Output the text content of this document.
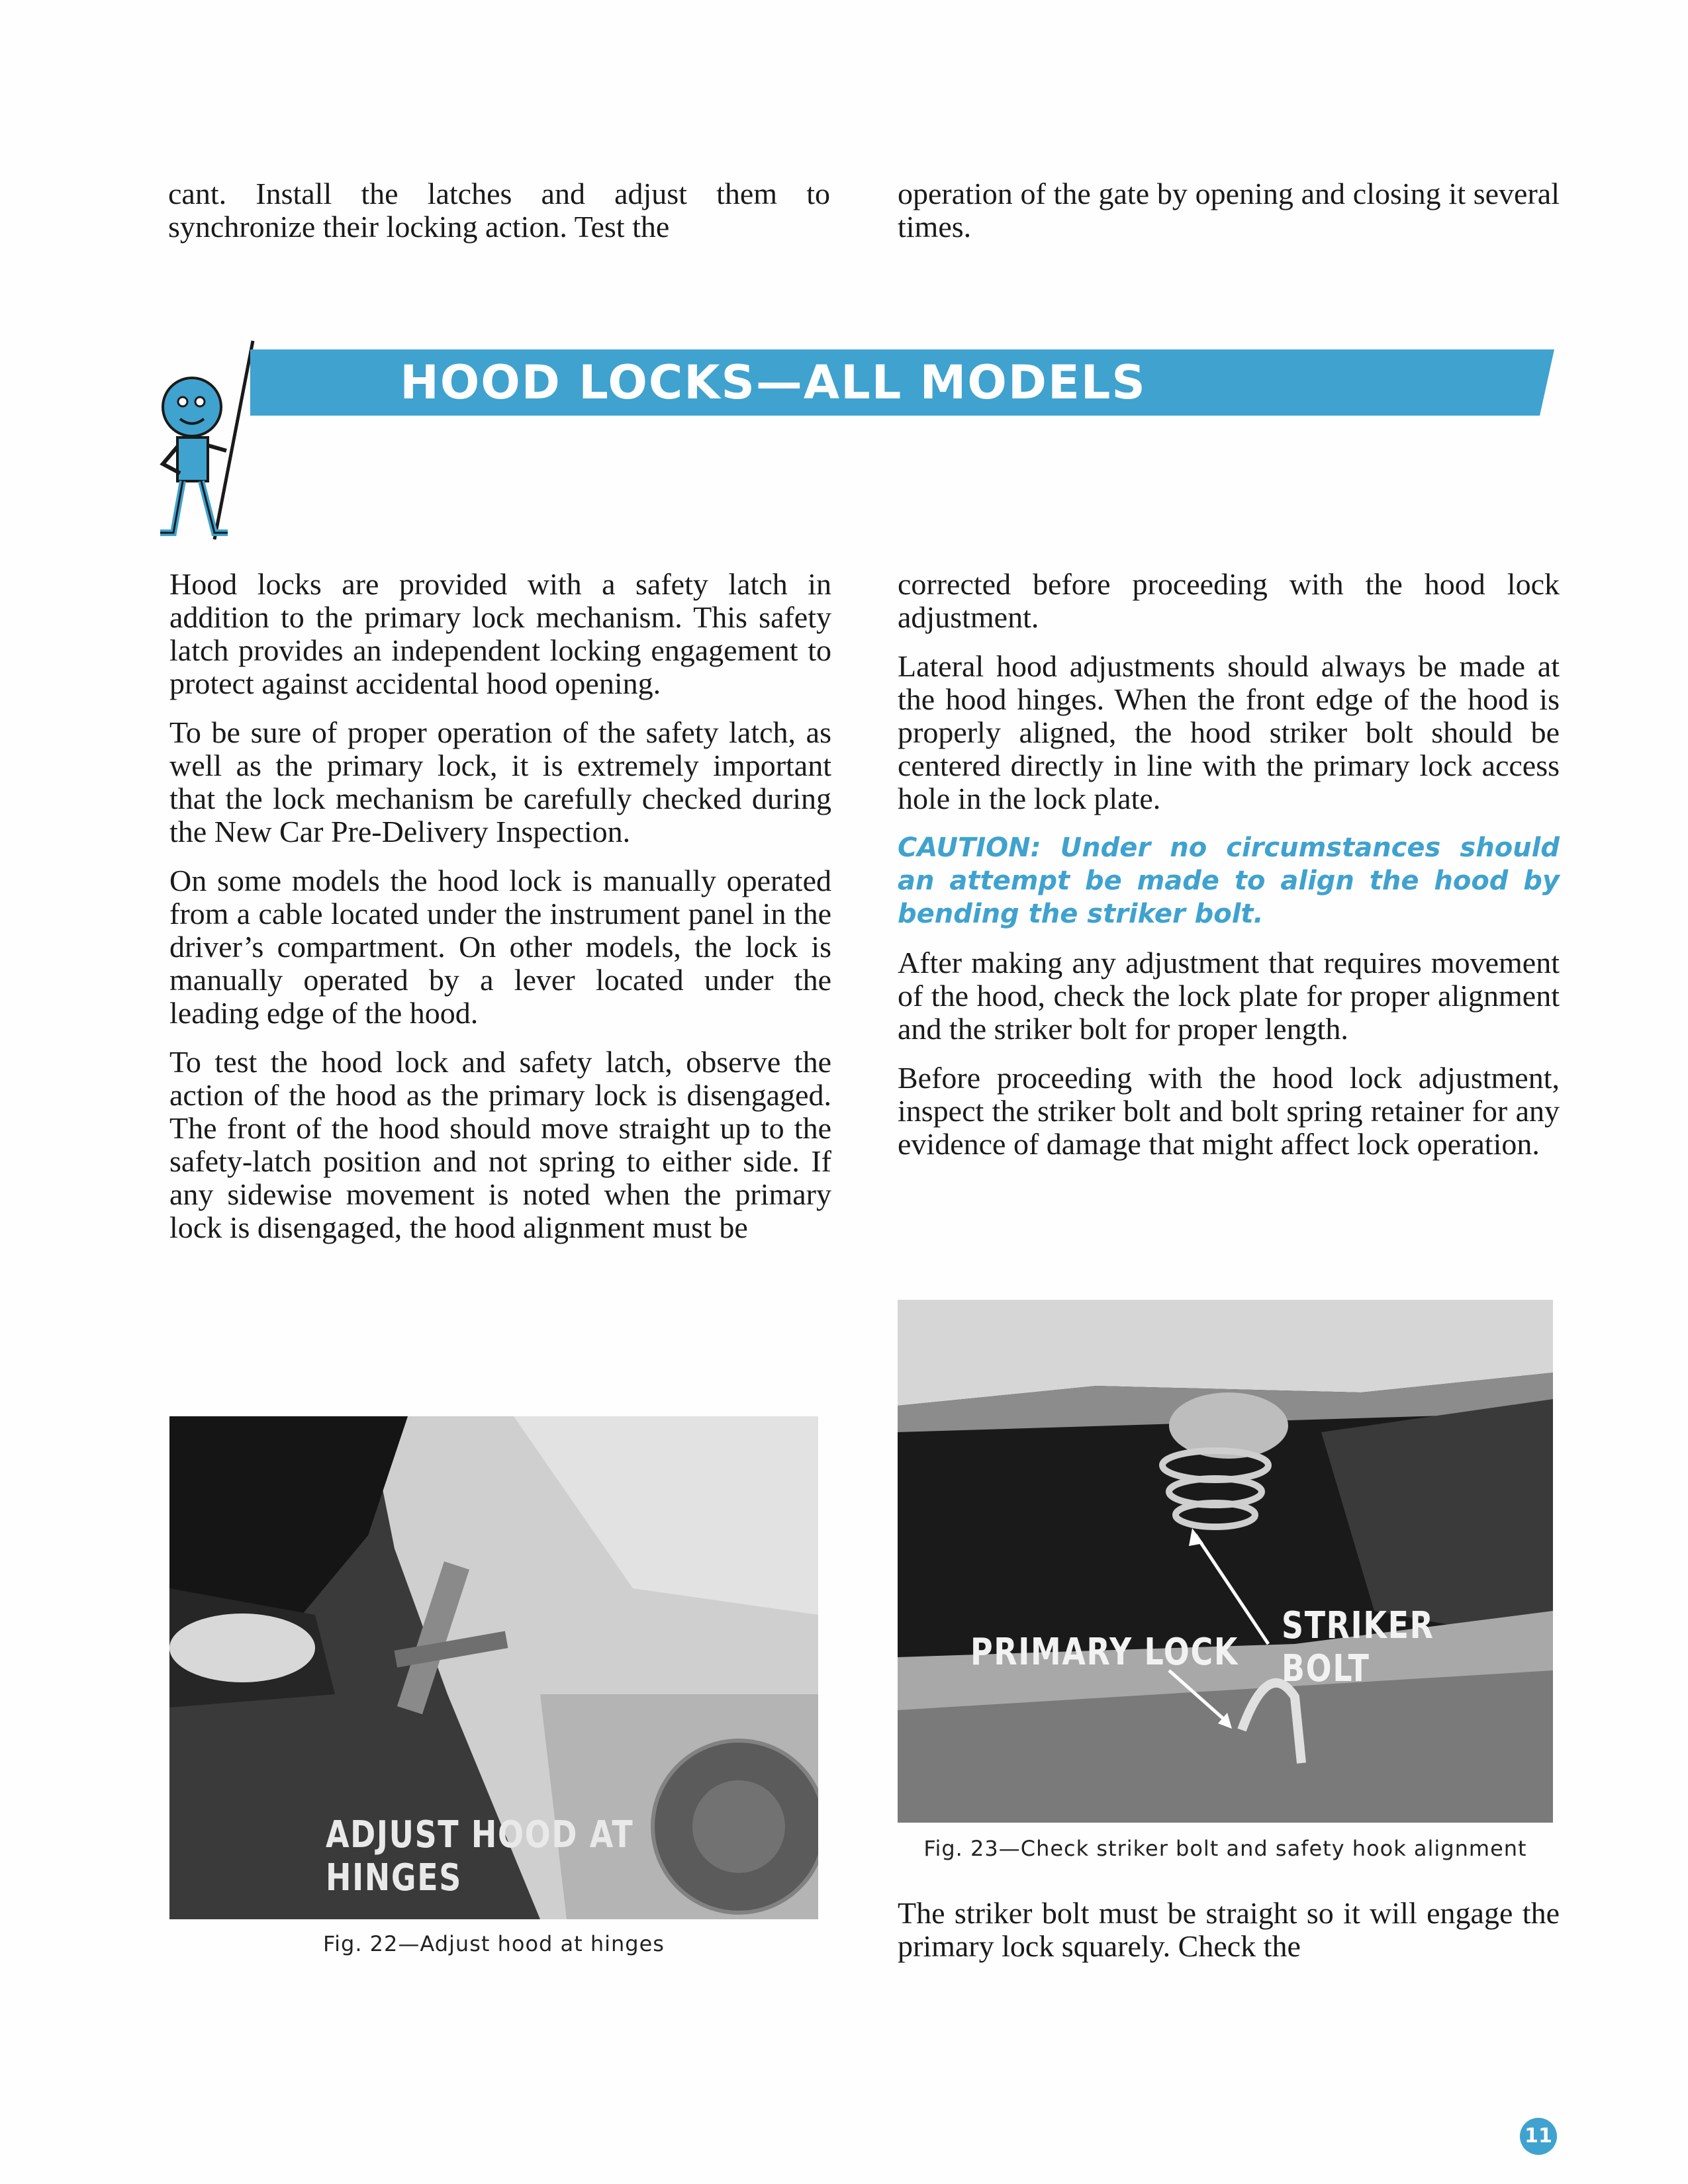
cant. Install the latches and adjust them to synchronize their locking action. Test the

operation of the gate by opening and closing it several times.

HOOD LOCKS—ALL MODELS

Hood locks are provided with a safety latch in addition to the primary lock mechanism. This safety latch provides an independent locking engagement to protect against accidental hood opening.

To be sure of proper operation of the safety latch, as well as the primary lock, it is extremely important that the lock mechanism be carefully checked during the New Car Pre-Delivery Inspection.

On some models the hood lock is manually operated from a cable located under the instrument panel in the driver’s compartment. On other models, the lock is manually operated by a lever located under the leading edge of the hood.

To test the hood lock and safety latch, observe the action of the hood as the primary lock is disengaged. The front of the hood should move straight up to the safety-latch position and not spring to either side. If any sidewise movement is noted when the primary lock is disengaged, the hood alignment must be

corrected before proceeding with the hood lock adjustment.

Lateral hood adjustments should always be made at the hood hinges. When the front edge of the hood is properly aligned, the hood striker bolt should be centered directly in line with the primary lock access hole in the lock plate.

CAUTION: Under no circumstances should an attempt be made to align the hood by bending the striker bolt.

After making any adjustment that requires movement of the hood, check the lock plate for proper alignment and the striker bolt for proper length.

Before proceeding with the hood lock adjustment, inspect the striker bolt and bolt spring retainer for any evidence of damage that might affect lock operation.

ADJUST HOOD AT HINGES
Fig. 22—Adjust hood at hinges
PRIMARY LOCK
STRIKER BOLT
Fig. 23—Check striker bolt and safety hook alignment

The striker bolt must be straight so it will engage the primary lock squarely. Check the

11
